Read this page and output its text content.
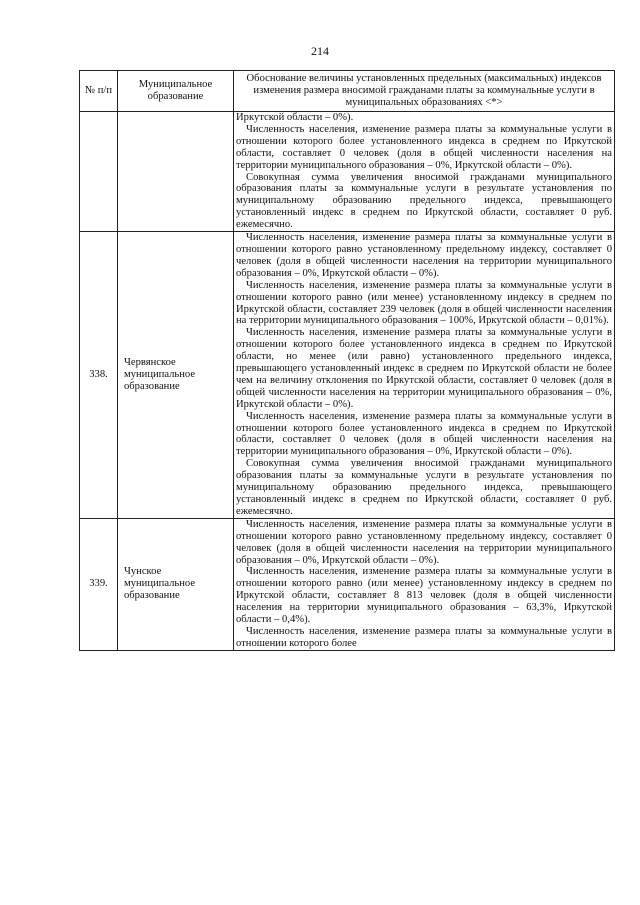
214
№ п/п	Муниципальное образование	Обоснование величины установленных предельных (максимальных) индексов изменения размера вносимой гражданами платы за коммунальные услуги в муниципальных образованиях <*>

		Иркутской области – 0%).

Численность населения, изменение размера платы за коммунальные услуги в отношении которого более установленного индекса в среднем по Иркутской области, составляет 0 человек (доля в общей численности населения на территории муниципального образования – 0%, Иркутской области – 0%).

Совокупная сумма увеличения вносимой гражданами муниципального образования платы за коммунальные услуги в результате установления по муниципальному образованию предельного индекса, превышающего установленный индекс в среднем по Иркутской области, составляет 0 руб. ежемесячно.

338.	Червянское муниципальное образование	Численность населения, изменение размера платы за коммунальные услуги в отношении которого равно установленному предельному индексу, составляет 0 человек (доля в общей численности населения на территории муниципального образования – 0%, Иркутской области – 0%).

Численность населения, изменение размера платы за коммунальные услуги в отношении которого равно (или менее) установленному индексу в среднем по Иркутской области, составляет 239 человек (доля в общей численности населения на территории муниципального образования – 100%, Иркутской области – 0,01%).

Численность населения, изменение размера платы за коммунальные услуги в отношении которого более установленного индекса в среднем по Иркутской области, но менее (или равно) установленного предельного индекса, превышающего установленный индекс в среднем по Иркутской области не более чем на величину отклонения по Иркутской области, составляет 0 человек (доля в общей численности населения на территории муниципального образования – 0%, Иркутской области – 0%).

Численность населения, изменение размера платы за коммунальные услуги в отношении которого более установленного индекса в среднем по Иркутской области, составляет 0 человек (доля в общей численности населения на территории муниципального образования – 0%, Иркутской области – 0%).

Совокупная сумма увеличения вносимой гражданами муниципального образования платы за коммунальные услуги в результате установления по муниципальному образованию предельного индекса, превышающего установленный индекс в среднем по Иркутской области, составляет 0 руб. ежемесячно.

339.	Чунское муниципальное образование	Численность населения, изменение размера платы за коммунальные услуги в отношении которого равно установленному предельному индексу, составляет 0 человек (доля в общей численности населения на территории муниципального образования – 0%, Иркутской области – 0%).

Численность населения, изменение размера платы за коммунальные услуги в отношении которого равно (или менее) установленному индексу в среднем по Иркутской области, составляет 8 813 человек (доля в общей численности населения на территории муниципального образования – 63,3%, Иркутской области – 0,4%).

Численность населения, изменение размера платы за коммунальные услуги в отношении которого более
